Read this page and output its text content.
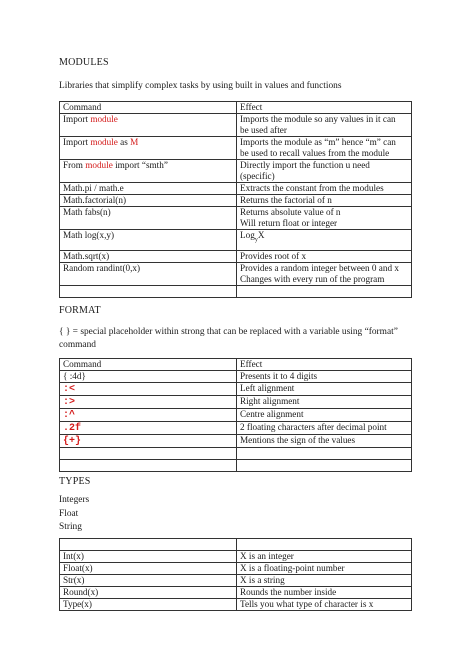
MODULES
Libraries that simplify complex tasks by using built in values and functions
Command	Effect
Import module	Imports the module so any values in it can
be used after

Import module as M	Imports the module as “m” hence “m” can
be used to recall values from the module

From module import “smth”	Directly import the function u need
(specific)

Math.pi / math.e	Extracts the constant from the modules
Math.factorial(n)	Returns the factorial of n
Math fabs(n)	Returns absolute value of n
Will return float or integer

Math log(x,y)	Log$_y$X
Math.sqrt(x)	Provides root of x
Random randint(0,x)	Provides a random integer between 0 and x
Changes with every run of the program

FORMAT
{ } = special placeholder within strong that can be replaced with a variable using “format” command
Command	Effect
{ :4d}	Presents it to 4 digits
:<	Left alignment
:>	Right alignment
:^	Centre alignment
.2f	2 floating characters after decimal point
{+}	Mentions the sign of the values

TYPES
Integers
Float
String

Int(x)	X is an integer
Float(x)	X is a floating-point number
Str(x)	X is a string
Round(x)	Rounds the number inside
Type(x)	Tells you what type of character is x
